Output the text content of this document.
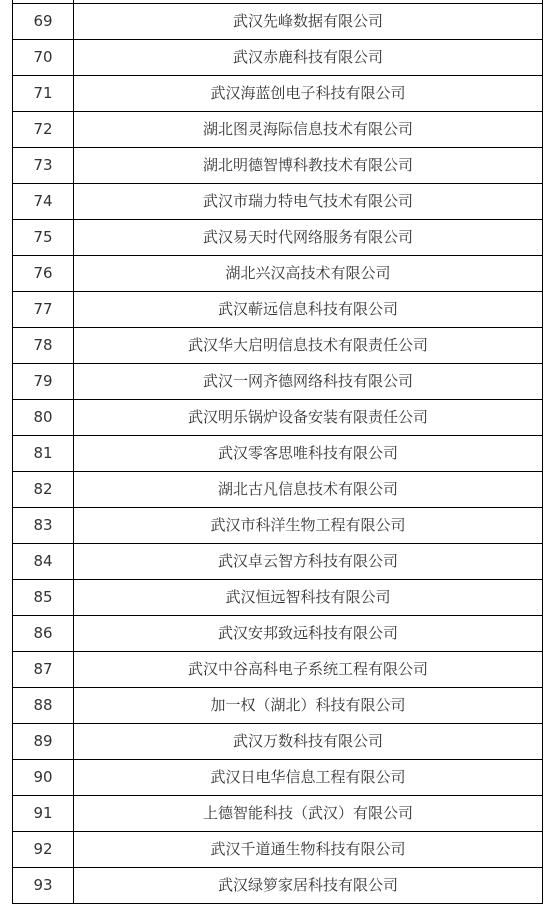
69	武汉先峰数据有限公司
70	武汉赤鹿科技有限公司
71	武汉海蓝创电子科技有限公司
72	湖北图灵海际信息技术有限公司
73	湖北明德智博科教技术有限公司
74	武汉市瑞力特电气技术有限公司
75	武汉易天时代网络服务有限公司
76	湖北兴汉高技术有限公司
77	武汉蕲远信息科技有限公司
78	武汉华大启明信息技术有限责任公司
79	武汉一网齐德网络科技有限公司
80	武汉明乐锅炉设备安装有限责任公司
81	武汉零客思唯科技有限公司
82	湖北古凡信息技术有限公司
83	武汉市科洋生物工程有限公司
84	武汉卓云智方科技有限公司
85	武汉恒远智科技有限公司
86	武汉安邦致远科技有限公司
87	武汉中谷高科电子系统工程有限公司
88	加一权（湖北）科技有限公司
89	武汉万数科技有限公司
90	武汉日电华信息工程有限公司
91	上德智能科技（武汉）有限公司
92	武汉千道通生物科技有限公司
93	武汉绿箩家居科技有限公司
